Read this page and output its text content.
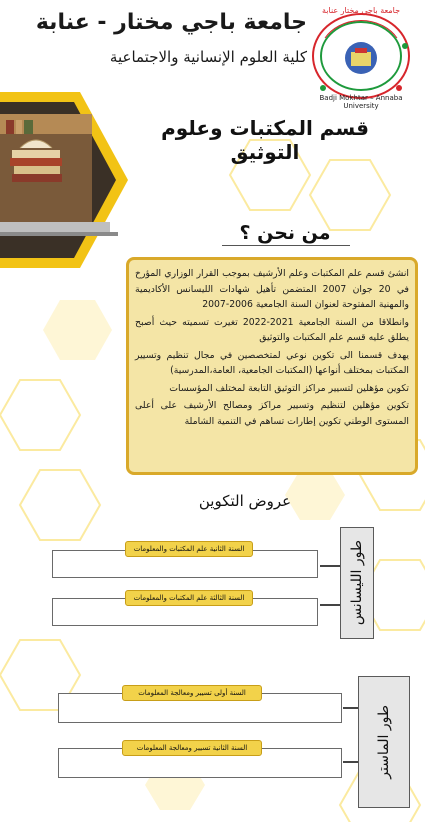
جامعة باجي مختار - عنابة
كلية العلوم الإنسانية والاجتماعية
Badji Mokhtar – Annaba University
جامعة باجي مختار عنابة
قسم المكتبات وعلوم التوثيق
من نحن ؟

انشئ قسم علم المكتبات وعلم الأرشيف بموجب القرار الوزاري المؤرخ في 20 جوان 2007 المتضمن تأهيل شهادات الليسانس الأكاديمية والمهنية المفتوحة لعنوان السنة الجامعية 2006-2007

وانطلاقا من السنة الجامعية 2021-2022 تغيرت تسميته حيث أصبح يطلق عليه قسم علم المكتبات والتوثيق

يهدف قسمنا الى تكوين نوعي لمتخصصين في مجال تنظيم وتسيير المكتبات بمختلف أنواعها (المكتبات الجامعية، العامة،المدرسية)

تكوين مؤهلين لتسيير مراكز التوثيق التابعة لمختلف المؤسسات

تكوين مؤهلين لتنظيم وتسيير مراكز ومصالح الأرشيف على أعلى المستوى الوطني تكوين إطارات تساهم في التنمية الشاملة

عروض التكوين
طور الليسانس
السنة الثانية علم المكتبات والمعلومات
السنة الثالثة علم المكتبات والمعلومات
طور الماستر
السنة أولى تسيير ومعالجة المعلومات
السنة الثانية تسيير ومعالجة المعلومات
